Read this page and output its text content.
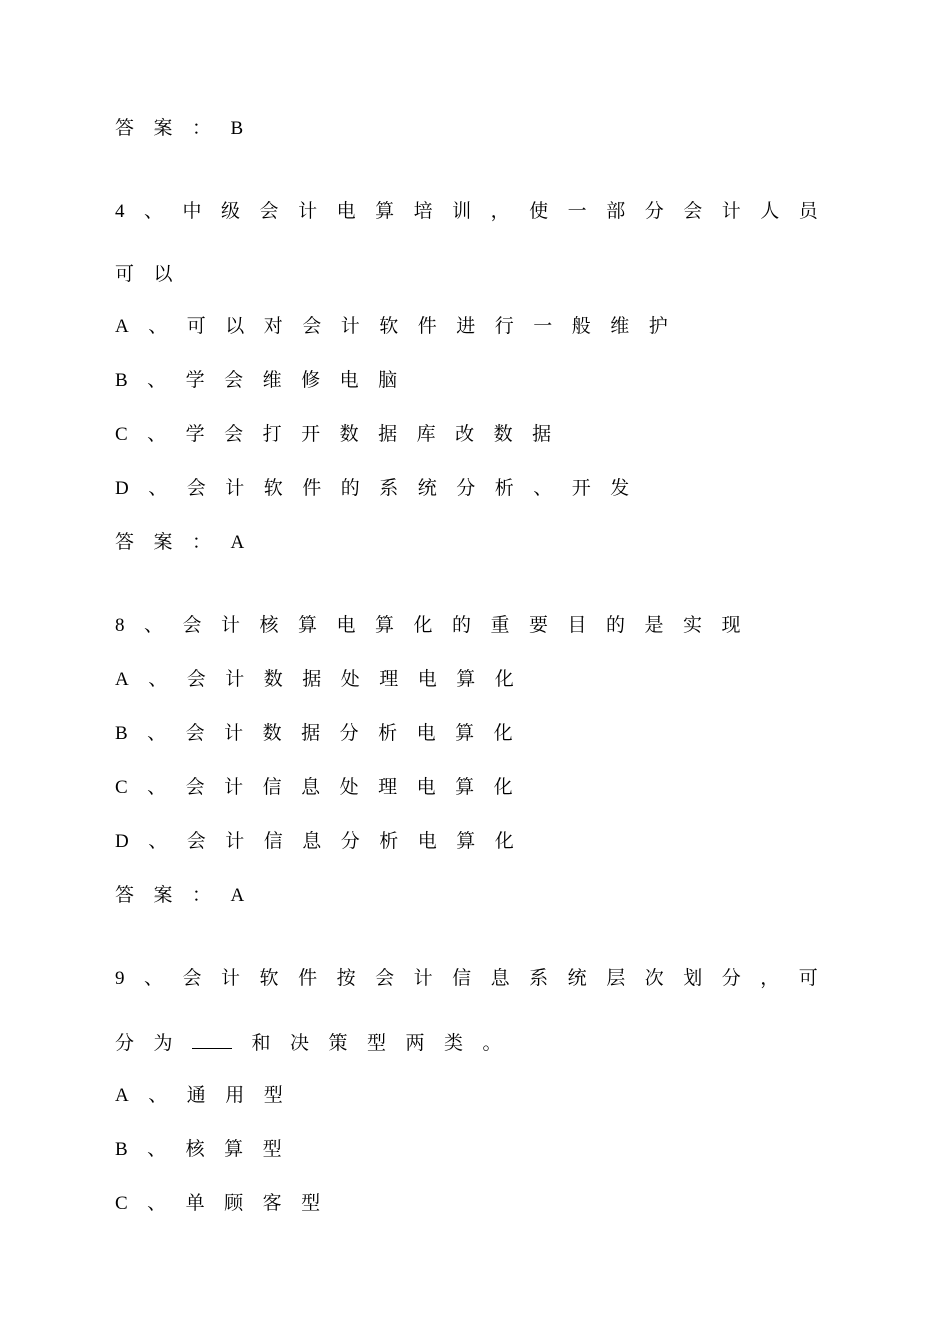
答案：B
4 、 中 级 会 计 电 算 培 训 ， 使 一 部 分 会 计 人 员
可以
A、可以对会计软件进行一般维护
B、学会维修电脑
C、学会打开数据库改数据
D、会计软件的系统分析、开发
答案：A
8、会计核算电算化的重要目的是实现
A、会计数据处理电算化
B、会计数据分析电算化
C、会计信息处理电算化
D、会计信息分析电算化
答案：A
9 、 会 计 软 件 按 会 计 信 息 系 统 层 次 划 分 ， 可
分为	和决策型两类。
A、通用型
B、核算型
C、单顾客型
